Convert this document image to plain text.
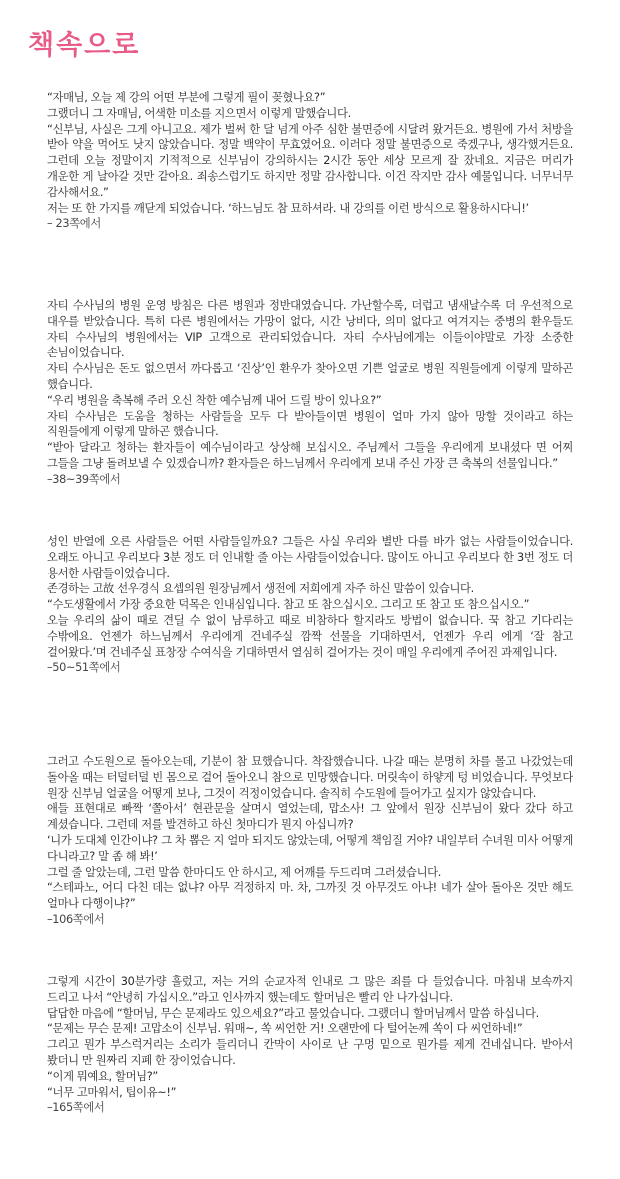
책속으로

“자매님, 오늘 제 강의 어떤 부분에 그렇게 필이 꽂혔나요?”

그랬더니 그 자매님, 어색한 미소를 지으면서 이렇게 말했습니다.

“신부님, 사실은 그게 아니고요. 제가 벌써 한 달 넘게 아주 심한 불면증에 시달려 왔거든요. 병원에 가서 처방을 받아 약을 먹어도 낫지 않았습니다. 정말 백약이 무효였어요. 이러다 정말 불면증으로 죽겠구나, 생각했거든요. 그런데 오늘 정말이지 기적적으로 신부님이 강의하시는 2시간 동안 세상 모르게 잘 잤네요. 지금은 머리가 개운한 게 날아갈 것만 같아요. 죄송스럽기도 하지만 정말 감사합니다. 이건 작지만 감사 예물입니다. 너무너무 감사해서요.”

저는 또 한 가지를 깨닫게 되었습니다. ‘하느님도 참 묘하셔라. 내 강의를 이런 방식으로 활용하시다니!’

– 23쪽에서

자티 수사님의 병원 운영 방침은 다른 병원과 정반대였습니다. 가난할수록, 더럽고 냄새날수록 더 우선적으로 대우를 받았습니다. 특히 다른 병원에서는 가망이 없다, 시간 낭비다, 의미 없다고 여겨지는 중병의 환우들도 자티 수사님의 병원에서는 VIP 고객으로 관리되었습니다. 자티 수사님에게는 이들이야말로 가장 소중한 손님이었습니다.

자티 수사님은 돈도 없으면서 까다롭고 ‘진상’인 환우가 찾아오면 기쁜 얼굴로 병원 직원들에게 이렇게 말하곤 했습니다.

“우리 병원을 축복해 주러 오신 착한 예수님께 내어 드릴 방이 있나요?”

자티 수사님은 도움을 청하는 사람들을 모두 다 받아들이면 병원이 얼마 가지 않아 망할 것이라고 하는 직원들에게 이렇게 말하곤 했습니다.

“받아 달라고 청하는 환자들이 예수님이라고 상상해 보십시오. 주님께서 그들을 우리에게 보내셨다 면 어찌 그들을 그냥 돌려보낼 수 있겠습니까? 환자들은 하느님께서 우리에게 보내 주신 가장 큰 축복의 선물입니다.”

–38~39쪽에서

성인 반열에 오른 사람들은 어떤 사람들일까요? 그들은 사실 우리와 별반 다를 바가 없는 사람들이었습니다. 오래도 아니고 우리보다 3분 정도 더 인내할 줄 아는 사람들이었습니다. 많이도 아니고 우리보다 한 3번 정도 더 용서한 사람들이었습니다.

존경하는 고故 선우경식 요셉의원 원장님께서 생전에 저희에게 자주 하신 말씀이 있습니다.

“수도생활에서 가장 중요한 덕목은 인내심입니다. 참고 또 참으십시오. 그리고 또 참고 또 참으십시오.”

오늘 우리의 삶이 때로 견딜 수 없이 남루하고 때로 비참하다 할지라도 방법이 없습니다. 꾹 참고 기다리는 수밖에요. 언젠가 하느님께서 우리에게 건네주실 깜짝 선물을 기대하면서, 언젠가 우리 에게 ‘잘 참고 걸어왔다.’며 건네주실 표창장 수여식을 기대하면서 열심히 걸어가는 것이 매일 우리에게 주어진 과제입니다.

–50~51쪽에서

그러고 수도원으로 돌아오는데, 기분이 참 묘했습니다. 착잡했습니다. 나갈 때는 분명히 차를 몰고 나갔었는데 돌아올 때는 터덜터덜 빈 몸으로 걸어 돌아오니 참으로 민망했습니다. 머릿속이 하얗게 텅 비었습니다. 무엇보다 원장 신부님 얼굴을 어떻게 보나, 그것이 걱정이었습니다. 솔직히 수도원에 들어가고 싶지가 않았습니다.

애들 표현대로 빠짝 ‘쫄아서’ 현관문을 살며시 열었는데, 맙소사! 그 앞에서 원장 신부님이 왔다 갔다 하고 계셨습니다. 그런데 저를 발견하고 하신 첫마디가 뭔지 아십니까?

‘니가 도대체 인간이냐? 그 차 뽑은 지 얼마 되지도 않았는데, 어떻게 책임질 거야? 내일부터 수녀원 미사 어떻게 다니라고? 말 좀 해 봐!’

그럴 줄 알았는데, 그런 말씀 한마디도 안 하시고, 제 어깨를 두드리며 그러셨습니다.

“스테파노, 어디 다친 데는 없냐? 아무 걱정하지 마. 차, 그까짓 것 아무것도 아냐! 네가 살아 돌아온 것만 해도 얼마나 다행이냐?”

–106쪽에서

그렇게 시간이 30분가량 흘렀고, 저는 거의 순교자적 인내로 그 많은 죄를 다 들었습니다. 마침내 보속까지 드리고 나서 “안녕히 가십시오.”라고 인사까지 했는데도 할머님은 빨리 안 나가십니다.

답답한 마음에 “할머님, 무슨 문제라도 있으세요?”라고 물었습니다. 그랬더니 할머님께서 말씀 하십니다.

“문제는 무슨 문제! 고맙소이 신부님. 워매~, 쏙 씨언한 거! 오랜만에 다 털어논께 쏙이 다 씨언하네!”

그리고 뭔가 부스럭거리는 소리가 들리더니 칸막이 사이로 난 구멍 밑으로 뭔가를 제게 건네십니다. 받아서 봤더니 만 원짜리 지폐 한 장이었습니다.

“이게 뭐예요, 할머님?”

“너무 고마워서, 팁이유~!”

–165쪽에서
